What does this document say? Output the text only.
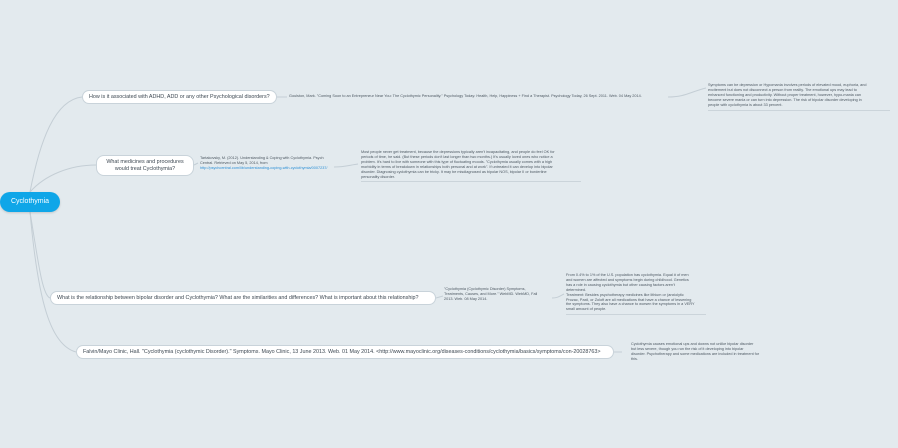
Cyclothymia
How is it associated with ADHD, ADD or any other Psychological disorders?	Goulston, Mark. "Coming Soon to an Entrepreneur Near You: The Cyclothymic Personality." Psychology Today: Health, Help, Happiness + Find a Therapist. Psychology Today, 26 Sept. 2011. Web. 04 May 2014.
Symptoms can be depression or Hypomania involves periods of elevated mood, euphoria, and
excitement but does not disconnect a person from reality. The emotional ups may lead to
enhanced functioning and productivity. Without proper treatment, however, hypo-mania can
become severe mania or can turn into depression. The risk of bipolar disorder developing in
people with cyclothymia is about 33 percent.
What medicines and procedures would treat Cyclothymia?
Tartakovsky, M. (2012). Understanding & Coping with Cyclothymia. Psych
Central. Retrieved on May 5, 2014, from
http://psychcentral.com/lib/understanding-coping-with-cyclothymia/0007237/
Most people never get treatment, because the depressions typically aren't incapacitating, and people do feel OK for
periods of time, he said. (But these periods don't last longer than two months.) It's usually loved ones who notice a
problem. It's hard to live with someone with this type of fluctuating moods. "Cyclothymia usually comes with a high
morbidity in terms of breakdown in relationships both personal and at work". If untreated it can develop into bipolar
disorder. Diagnosing cyclothymia can be tricky. It may be misdiagnosed as bipolar NOS, bipolar II or borderline
personality disorder.
What is the relationship between bipolar disorder and Cyclothymia? What are the similarities and differences? What is important about this relationship?
"Cyclothymia (Cyclothymic Disorder) Symptoms,
Treatments, Causes, and More." WebMD. WebMD, Fall
2013. Web. 08 May 2014.
From 0.4% to 1% of the U.S. population has cyclothymia. Equal # of men
and women are affected and symptoms begin during childhood. Genetics
has a role in causing cyclothymia but other causing factors aren't
determined.
Treatment: Besides psychotherapy medicines like lithium or (anxiolytic
Prozac, Paxil, or Zoloft are all medications that have a chance of lessening
the symptoms. They also have a chance to worsen the symptoms in a VERY
small amount of people.
Falvin/Mayo Clinic, Hall. "Cyclothymia (cyclothymic Disorder)." Symptoms. Mayo Clinic, 13 June 2013. Web. 01 May 2014. <http://www.mayoclinic.org/diseases-conditions/cyclothymia/basics/symptoms/con-20028763>
Cyclothymia causes emotional ups and downs not unlike bipolar disorder
but less severe, though you run the risk of it developing into bipolar
disorder. Psychotherapy and some medications are included in treatment for
this.
